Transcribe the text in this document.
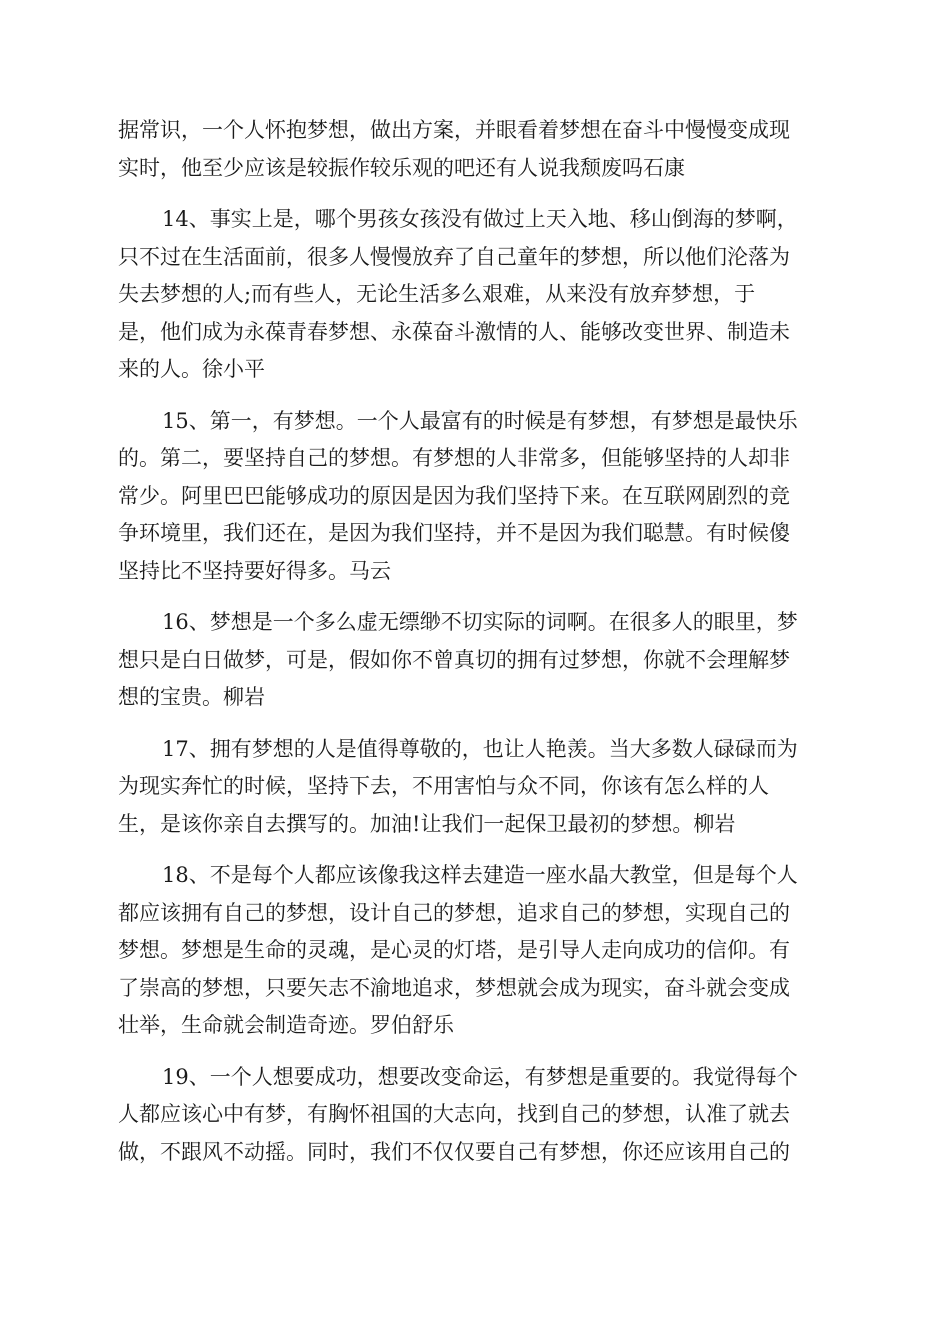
据常识，一个人怀抱梦想，做出方案，并眼看着梦想在奋斗中慢慢变成现
实时，他至少应该是较振作较乐观的吧还有人说我颓废吗石康

14、事实上是，哪个男孩女孩没有做过上天入地、移山倒海的梦啊，
只不过在生活面前，很多人慢慢放弃了自己童年的梦想，所以他们沦落为
失去梦想的人;而有些人，无论生活多么艰难，从来没有放弃梦想，于
是，他们成为永葆青春梦想、永葆奋斗激情的人、能够改变世界、制造未
来的人。徐小平

15、第一，有梦想。一个人最富有的时候是有梦想，有梦想是最快乐
的。第二，要坚持自己的梦想。有梦想的人非常多，但能够坚持的人却非
常少。阿里巴巴能够成功的原因是因为我们坚持下来。在互联网剧烈的竞
争环境里，我们还在，是因为我们坚持，并不是因为我们聪慧。有时候傻
坚持比不坚持要好得多。马云

16、梦想是一个多么虚无缥缈不切实际的词啊。在很多人的眼里，梦
想只是白日做梦，可是，假如你不曾真切的拥有过梦想，你就不会理解梦
想的宝贵。柳岩

17、拥有梦想的人是值得尊敬的，也让人艳羡。当大多数人碌碌而为
为现实奔忙的时候，坚持下去，不用害怕与众不同，你该有怎么样的人
生，是该你亲自去撰写的。加油!让我们一起保卫最初的梦想。柳岩

18、不是每个人都应该像我这样去建造一座水晶大教堂，但是每个人
都应该拥有自己的梦想，设计自己的梦想，追求自己的梦想，实现自己的
梦想。梦想是生命的灵魂，是心灵的灯塔，是引导人走向成功的信仰。有
了崇高的梦想，只要矢志不渝地追求，梦想就会成为现实，奋斗就会变成
壮举，生命就会制造奇迹。罗伯舒乐

19、一个人想要成功，想要改变命运，有梦想是重要的。我觉得每个
人都应该心中有梦，有胸怀祖国的大志向，找到自己的梦想，认准了就去
做，不跟风不动摇。同时，我们不仅仅要自己有梦想，你还应该用自己的
